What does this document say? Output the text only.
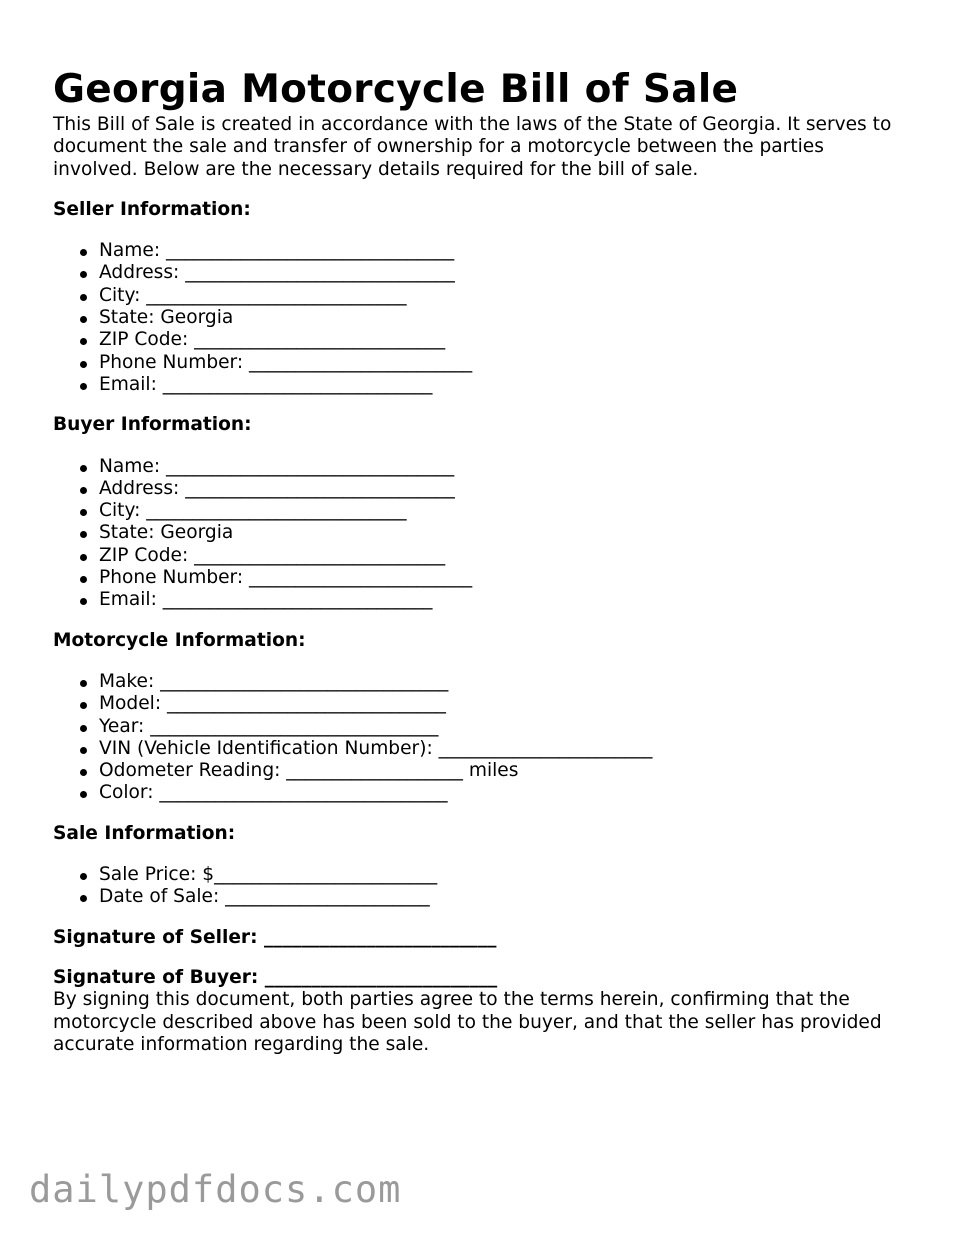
Georgia Motorcycle Bill of Sale

This Bill of Sale is created in accordance with the laws of the State of Georgia. It serves to document the sale and transfer of ownership for a motorcycle between the parties involved. Below are the necessary details required for the bill of sale.

Seller Information:
Name: _______________________________
Address: _____________________________
City: ____________________________
State: Georgia
ZIP Code: ___________________________
Phone Number: ________________________
Email: _____________________________
Buyer Information:
Name: _______________________________
Address: _____________________________
City: ____________________________
State: Georgia
ZIP Code: ___________________________
Phone Number: ________________________
Email: _____________________________
Motorcycle Information:
Make: _______________________________
Model: ______________________________
Year: _______________________________
VIN (Vehicle Identification Number): _______________________
Odometer Reading: ___________________ miles
Color: _______________________________
Sale Information:
Sale Price: $________________________
Date of Sale: ______________________
Signature of Seller: _________________________
Signature of Buyer: _________________________

By signing this document, both parties agree to the terms herein, confirming that the motorcycle described above has been sold to the buyer, and that the seller has provided accurate information regarding the sale.

dailypdfdocs.com
